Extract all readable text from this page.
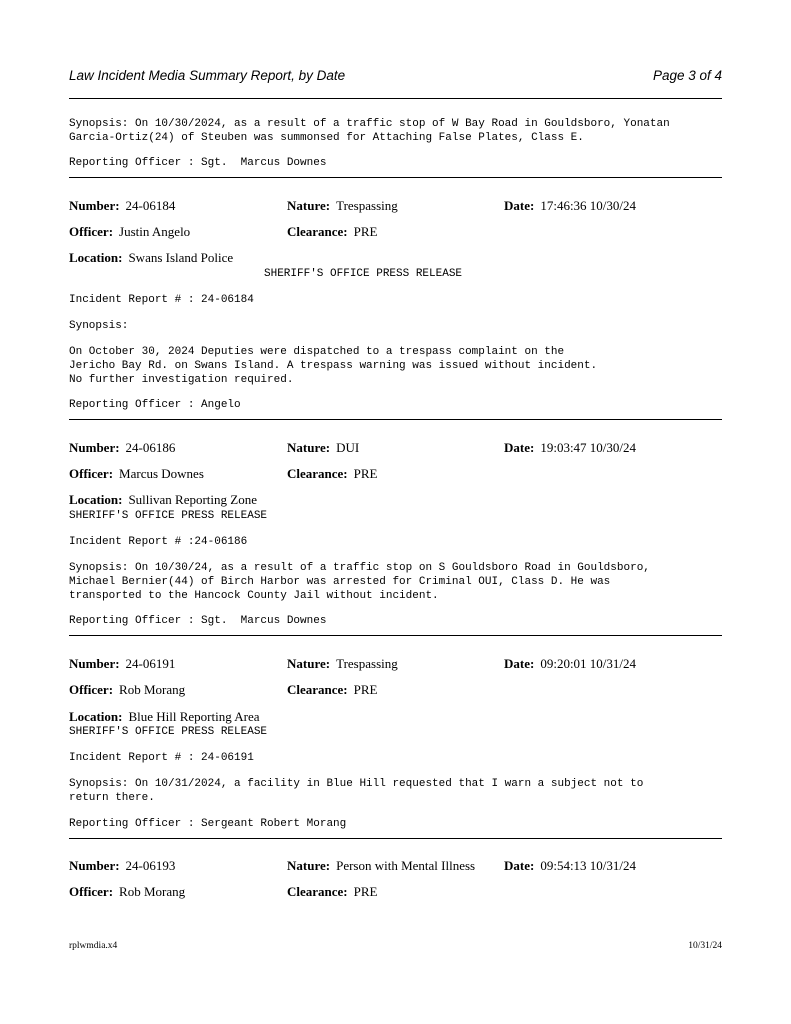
Law Incident Media Summary Report, by Date	Page 3 of 4
Synopsis: On 10/30/2024, as a result of a traffic stop of W Bay Road in Gouldsboro, Yonatan
Garcia-Ortiz(24) of Steuben was summonsed for Attaching False Plates, Class E.
Reporting Officer : Sgt.  Marcus Downes
Number: 24-06184	Nature: Trespassing	Date: 17:46:36 10/30/24
Officer: Justin Angelo	Clearance: PRE
Location: Swans Island Police
SHERIFF'S OFFICE PRESS RELEASE
Incident Report # : 24-06184
Synopsis:
On October 30, 2024 Deputies were dispatched to a trespass complaint on the
Jericho Bay Rd. on Swans Island. A trespass warning was issued without incident.
No further investigation required.
Reporting Officer : Angelo
Number: 24-06186	Nature: DUI	Date: 19:03:47 10/30/24
Officer: Marcus Downes	Clearance: PRE
Location: Sullivan Reporting Zone
SHERIFF'S OFFICE PRESS RELEASE
Incident Report # :24-06186
Synopsis: On 10/30/24, as a result of a traffic stop on S Gouldsboro Road in Gouldsboro,
Michael Bernier(44) of Birch Harbor was arrested for Criminal OUI, Class D. He was
transported to the Hancock County Jail without incident.
Reporting Officer : Sgt.  Marcus Downes
Number: 24-06191	Nature: Trespassing	Date: 09:20:01 10/31/24
Officer: Rob Morang	Clearance: PRE
Location: Blue Hill Reporting Area
SHERIFF'S OFFICE PRESS RELEASE
Incident Report # : 24-06191
Synopsis: On 10/31/2024, a facility in Blue Hill requested that I warn a subject not to
return there.
Reporting Officer : Sergeant Robert Morang
Number: 24-06193	Nature: Person with Mental Illness Date: 09:54:13 10/31/24
Officer: Rob Morang	Clearance: PRE
rplwmdia.x4	10/31/24
